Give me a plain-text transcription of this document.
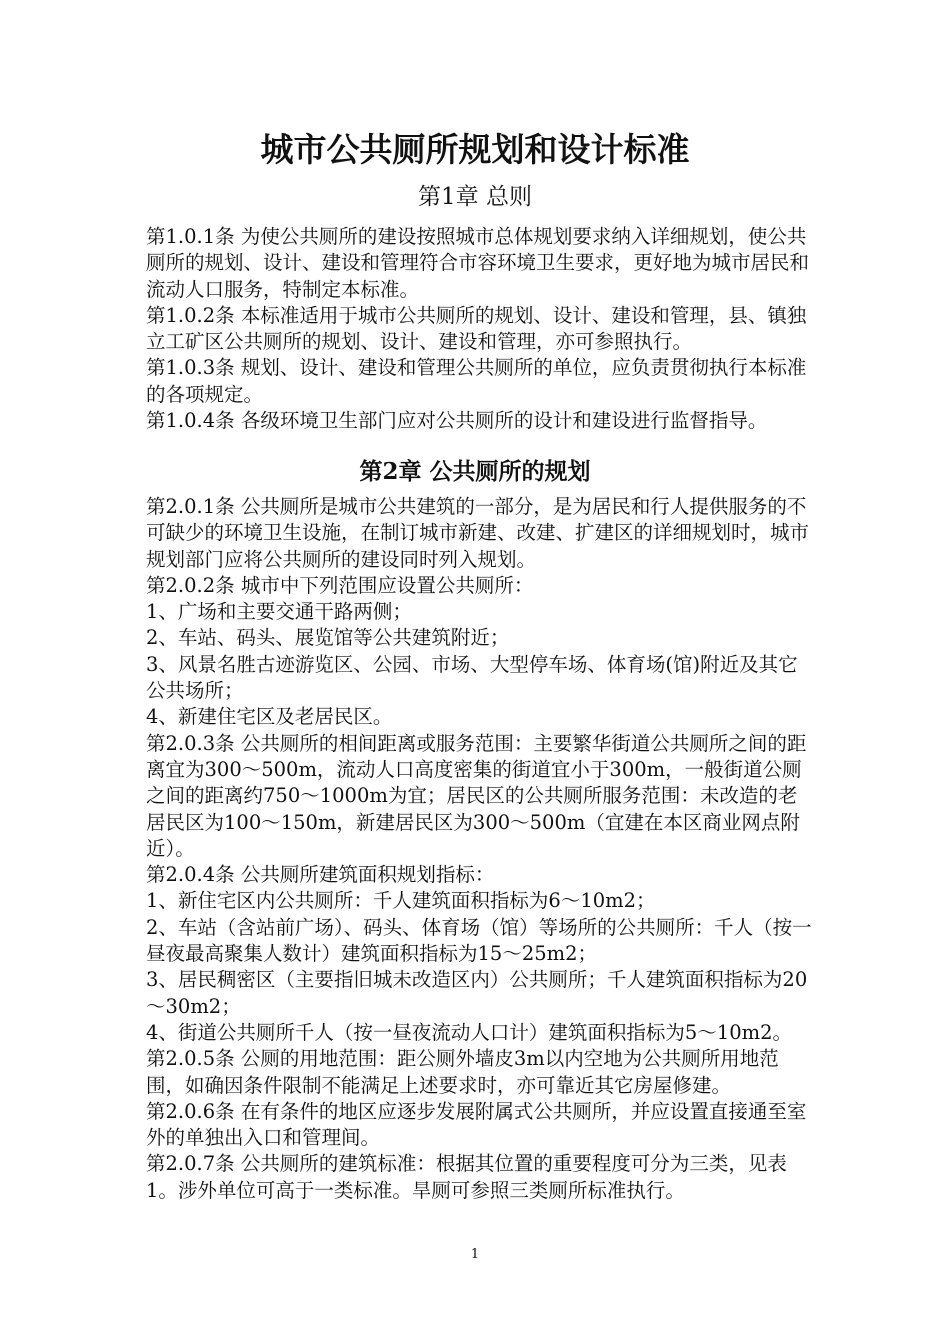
城市公共厕所规划和设计标准
第1章 总则

第1.0.1条 为使公共厕所的建设按照城市总体规划要求纳入详细规划，使公共厕所的规划、设计、建设和管理符合市容环境卫生要求，更好地为城市居民和流动人口服务，特制定本标准。

第1.0.2条 本标准适用于城市公共厕所的规划、设计、建设和管理，县、镇独立工矿区公共厕所的规划、设计、建设和管理，亦可参照执行。

第1.0.3条 规划、设计、建设和管理公共厕所的单位，应负责贯彻执行本标准的各项规定。

第1.0.4条 各级环境卫生部门应对公共厕所的设计和建设进行监督指导。

第2章 公共厕所的规划

第2.0.1条 公共厕所是城市公共建筑的一部分，是为居民和行人提供服务的不可缺少的环境卫生设施，在制订城市新建、改建、扩建区的详细规划时，城市规划部门应将公共厕所的建设同时列入规划。

第2.0.2条 城市中下列范围应设置公共厕所：

1、广场和主要交通干路两侧；

2、车站、码头、展览馆等公共建筑附近；

3、风景名胜古迹游览区、公园、市场、大型停车场、体育场(馆)附近及其它公共场所；

4、新建住宅区及老居民区。

第2.0.3条 公共厕所的相间距离或服务范围：主要繁华街道公共厕所之间的距离宜为300～500m，流动人口高度密集的街道宜小于300m，一般街道公厕之间的距离约750～1000m为宜；居民区的公共厕所服务范围：未改造的老居民区为100～150m，新建居民区为300～500m（宜建在本区商业网点附近）。

第2.0.4条 公共厕所建筑面积规划指标：

1、新住宅区内公共厕所：千人建筑面积指标为6～10m2；

2、车站（含站前广场）、码头、体育场（馆）等场所的公共厕所：千人（按一昼夜最高聚集人数计）建筑面积指标为15～25m2；

3、居民稠密区（主要指旧城未改造区内）公共厕所；千人建筑面积指标为20～30m2；

4、街道公共厕所千人（按一昼夜流动人口计）建筑面积指标为5～10m2。

第2.0.5条 公厕的用地范围：距公厕外墙皮3m以内空地为公共厕所用地范围，如确因条件限制不能满足上述要求时，亦可靠近其它房屋修建。

第2.0.6条 在有条件的地区应逐步发展附属式公共厕所，并应设置直接通至室外的单独出入口和管理间。

第2.0.7条 公共厕所的建筑标准：根据其位置的重要程度可分为三类，见表1。涉外单位可高于一类标准。旱厕可参照三类厕所标准执行。

1
